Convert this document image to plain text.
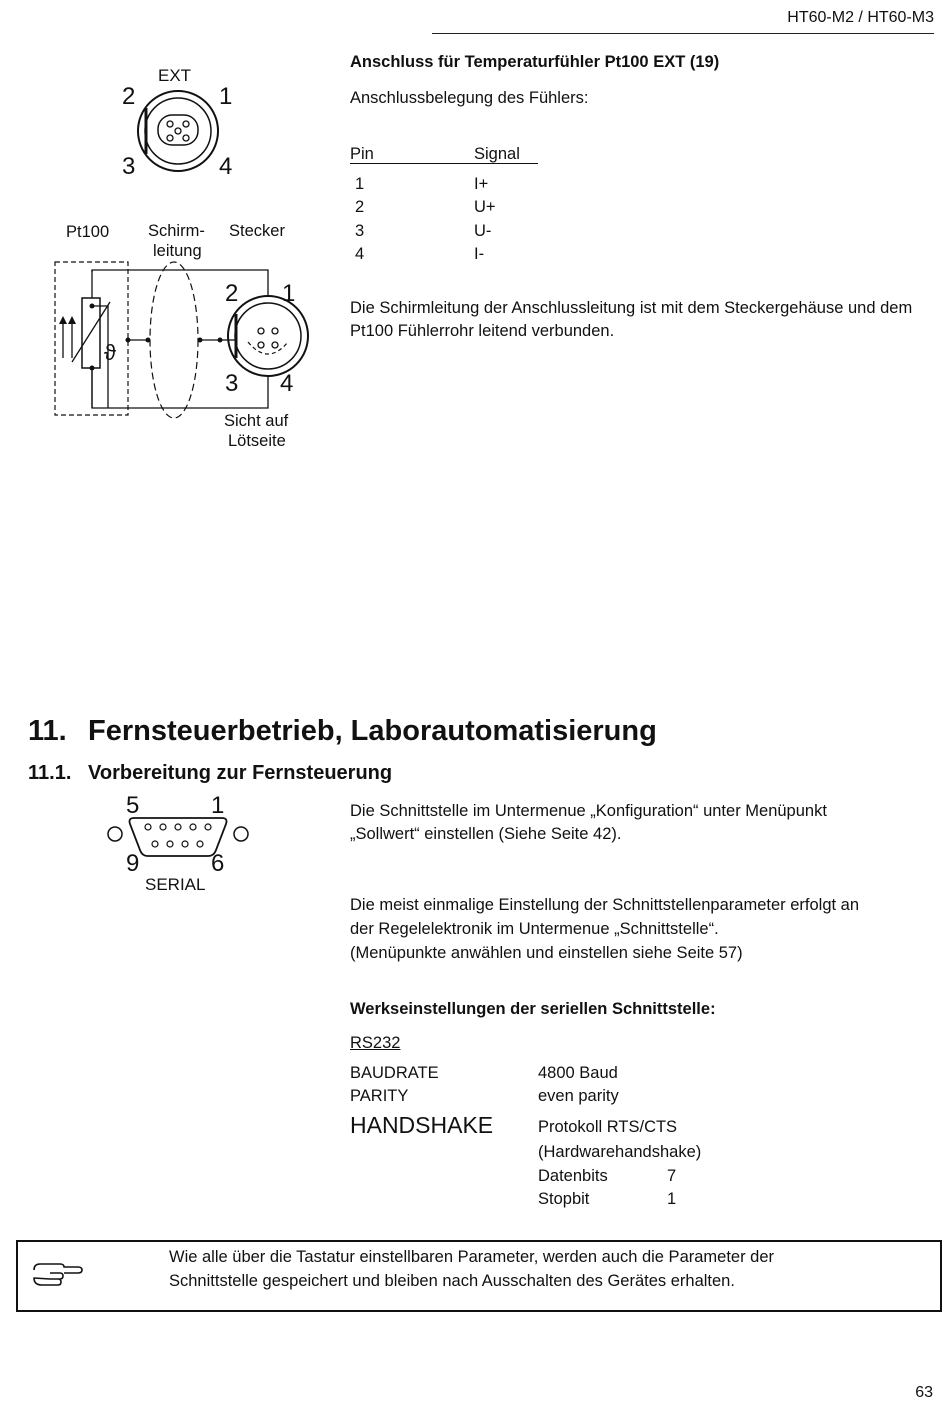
HT60-M2 / HT60-M3
EXT
2	1
3	4
Anschluss für Temperaturfühler Pt100 EXT (19)
Anschlussbelegung des Fühlers:
Pin	Signal
1	I+
2	U+
3	U-
4	I-
Die Schirmleitung der Anschlussleitung ist mit dem Steckergehäuse und dem Pt100 Fühlerrohr leitend verbunden.
Pt100 Schirm-
leitung
Stecker
ϑ
2 1
3 4
Sicht auf
Lötseite
11. Fernsteuerbetrieb, Laborautomatisierung
11.1. Vorbereitung zur Fernsteuerung
5	1
9	6
SERIAL
Die Schnittstelle im Untermenue „Konfiguration“ unter Menüpunkt „Sollwert“ einstellen (Siehe Seite 42).
Die meist einmalige Einstellung der Schnittstellenparameter erfolgt an
der Regelelektronik im Untermenue „Schnittstelle“.
(Menüpunkte anwählen und einstellen siehe Seite 57)
Werkseinstellungen der seriellen Schnittstelle:
RS232
BAUDRATE	4800 Baud
PARITY	even parity
HANDSHAKE	Protokoll RTS/CTS
(Hardwarehandshake)
Datenbits	7
Stopbit	1
Wie alle über die Tastatur einstellbaren Parameter, werden auch die Parameter der
Schnittstelle gespeichert und bleiben nach Ausschalten des Gerätes erhalten.
63
